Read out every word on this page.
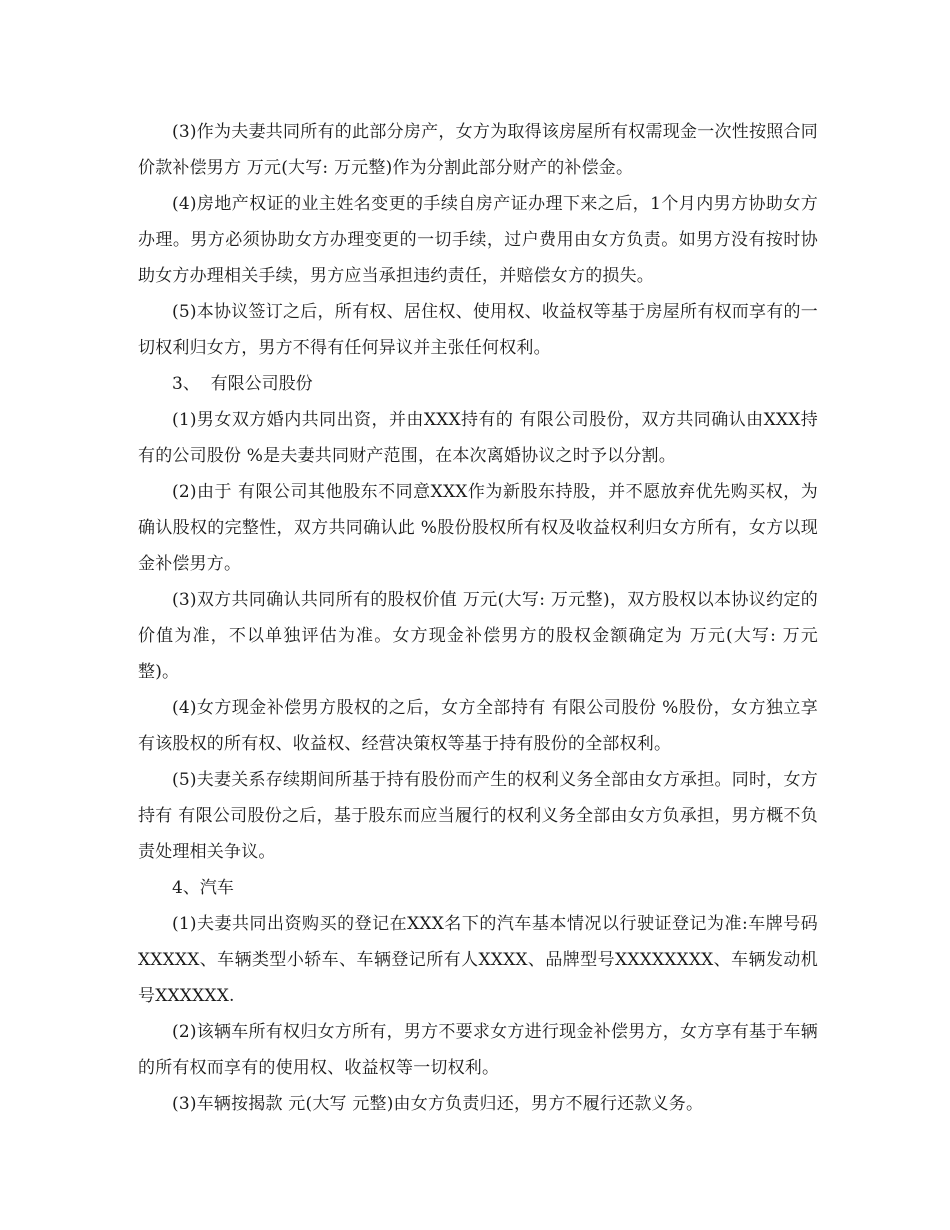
(3)作为夫妻共同所有的此部分房产，女方为取得该房屋所有权需现金一次性按照合同价款补偿男方 万元(大写: 万元整)作为分割此部分财产的补偿金。

(4)房地产权证的业主姓名变更的手续自房产证办理下来之后，1个月内男方协助女方办理。男方必须协助女方办理变更的一切手续，过户费用由女方负责。如男方没有按时协助女方办理相关手续，男方应当承担违约责任，并赔偿女方的损失。

(5)本协议签订之后，所有权、居住权、使用权、收益权等基于房屋所有权而享有的一切权利归女方，男方不得有任何异议并主张任何权利。

3、  有限公司股份

(1)男女双方婚内共同出资，并由XXX持有的 有限公司股份，双方共同确认由XXX持有的公司股份 %是夫妻共同财产范围，在本次离婚协议之时予以分割。

(2)由于 有限公司其他股东不同意XXX作为新股东持股，并不愿放弃优先购买权，为确认股权的完整性，双方共同确认此 %股份股权所有权及收益权利归女方所有，女方以现金补偿男方。

(3)双方共同确认共同所有的股权价值 万元(大写: 万元整)，双方股权以本协议约定的价值为准，不以单独评估为准。女方现金补偿男方的股权金额确定为 万元(大写: 万元整)。

(4)女方现金补偿男方股权的之后，女方全部持有 有限公司股份 %股份，女方独立享有该股权的所有权、收益权、经营决策权等基于持有股份的全部权利。

(5)夫妻关系存续期间所基于持有股份而产生的权利义务全部由女方承担。同时，女方持有 有限公司股份之后，基于股东而应当履行的权利义务全部由女方负承担，男方概不负责处理相关争议。

4、汽车

(1)夫妻共同出资购买的登记在XXX名下的汽车基本情况以行驶证登记为准:车牌号码XXXXX、车辆类型小轿车、车辆登记所有人XXXX、品牌型号XXXXXXXX、车辆发动机号XXXXXX.

(2)该辆车所有权归女方所有，男方不要求女方进行现金补偿男方，女方享有基于车辆的所有权而享有的使用权、收益权等一切权利。

(3)车辆按揭款 元(大写 元整)由女方负责归还，男方不履行还款义务。
